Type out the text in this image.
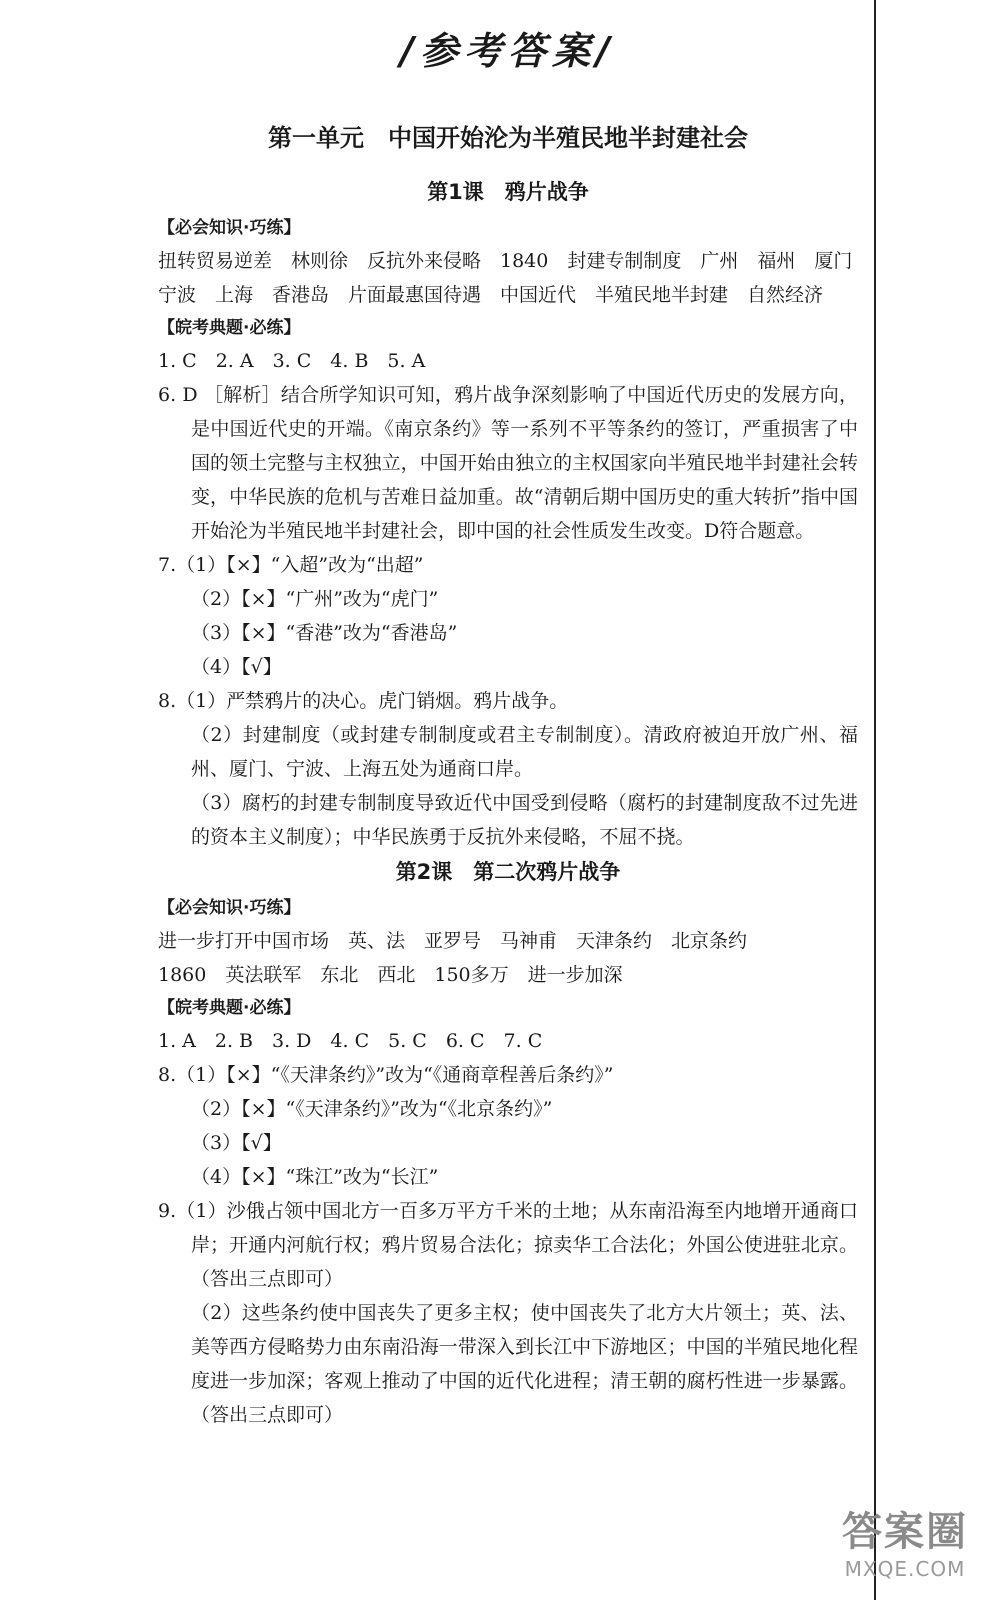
/参考答案/
第一单元　中国开始沦为半殖民地半封建社会
第1课　鸦片战争
【必会知识·巧练】

扭转贸易逆差　林则徐　反抗外来侵略　1840　封建专制制度　广州　福州　厦门　宁波　上海　香港岛　片面最惠国待遇　中国近代　半殖民地半封建　自然经济

【皖考典题·必练】

1. C　2. A　3. C　4. B　5. A

6. D ［解析］结合所学知识可知，鸦片战争深刻影响了中国近代历史的发展方向，是中国近代史的开端。《南京条约》等一系列不平等条约的签订，严重损害了中国的领土完整与主权独立，中国开始由独立的主权国家向半殖民地半封建社会转变，中华民族的危机与苦难日益加重。故“清朝后期中国历史的重大转折”指中国开始沦为半殖民地半封建社会，即中国的社会性质发生改变。D符合题意。

7.（1）【×】“入超”改为“出超”

（2）【×】“广州”改为“虎门”

（3）【×】“香港”改为“香港岛”

（4）【√】

8.（1）严禁鸦片的决心。虎门销烟。鸦片战争。

（2）封建制度（或封建专制制度或君主专制制度）。清政府被迫开放广州、福州、厦门、宁波、上海五处为通商口岸。

（3）腐朽的封建专制制度导致近代中国受到侵略（腐朽的封建制度敌不过先进的资本主义制度）；中华民族勇于反抗外来侵略，不屈不挠。

第2课　第二次鸦片战争
【必会知识·巧练】

进一步打开中国市场　英、法　亚罗号　马神甫　天津条约　北京条约

1860　英法联军　东北　西北　150多万　进一步加深

【皖考典题·必练】

1. A　2. B　3. D　4. C　5. C　6. C　7. C

8.（1）【×】“《天津条约》”改为“《通商章程善后条约》”

（2）【×】“《天津条约》”改为“《北京条约》”

（3）【√】

（4）【×】“珠江”改为“长江”

9.（1）沙俄占领中国北方一百多万平方千米的土地；从东南沿海至内地增开通商口岸；开通内河航行权；鸦片贸易合法化；掠卖华工合法化；外国公使进驻北京。（答出三点即可）

（2）这些条约使中国丧失了更多主权；使中国丧失了北方大片领土；英、法、美等西方侵略势力由东南沿海一带深入到长江中下游地区；中国的半殖民地化程度进一步加深；客观上推动了中国的近代化进程；清王朝的腐朽性进一步暴露。（答出三点即可）

答案圈
MXQE.COM
